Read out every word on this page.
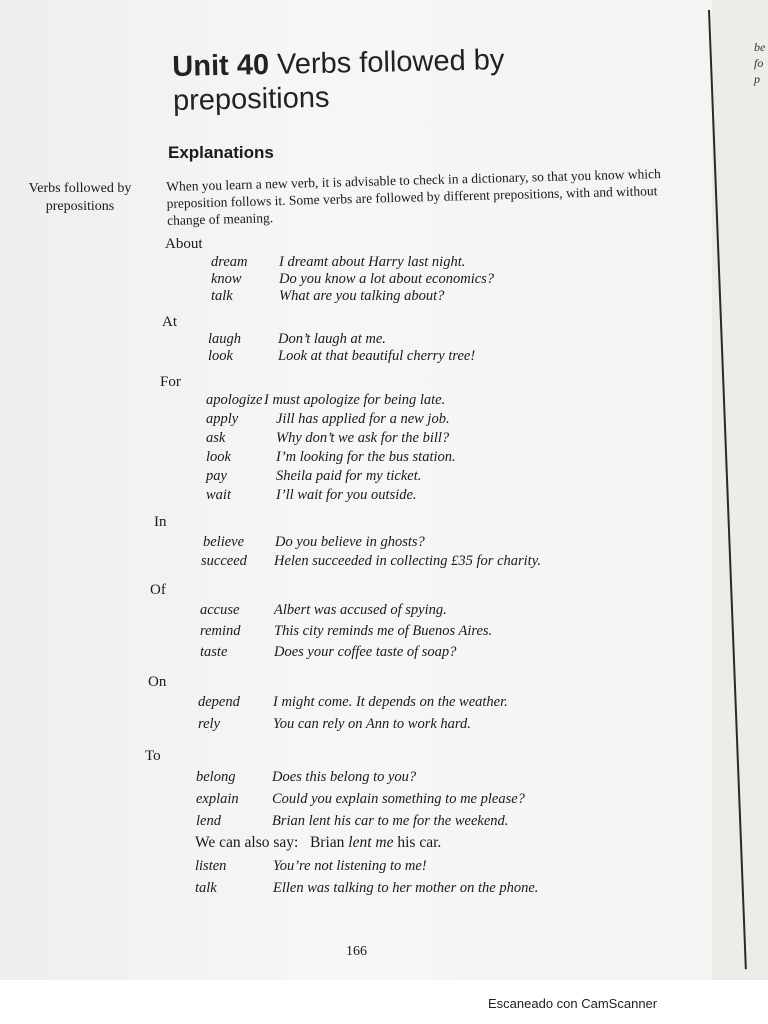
be
fo
p
Unit 40 Verbs followed by prepositions
Explanations
Verbs followed by prepositions
When you learn a new verb, it is advisable to check in a dictionary, so that you know which preposition follows it. Some verbs are followed by different prepositions, with and without change of meaning.
About
dream I dreamt about Harry last night.
know	Do you know a lot about economics?
talk	What are you talking about?
At
laugh	Don’t laugh at me.
look	Look at that beautiful cherry tree!
For
apologize I must apologize for being late.
apply	Jill has applied for a new job.
ask	Why don’t we ask for the bill?
look	I’m looking for the bus station.
pay	Sheila paid for my ticket.
wait	I’ll wait for you outside.
In
believe Do you believe in ghosts?
succeed Helen succeeded in collecting £35 for charity.
Of
accuse Albert was accused of spying.
remind This city reminds me of Buenos Aires.
taste	Does your coffee taste of soap?
On
depend I might come. It depends on the weather.
rely	You can rely on Ann to work hard.
To
belong	Does this belong to you?
explain Could you explain something to me please?
lend	Brian lent his car to me for the weekend.
We can also say: Brian lent me his car.
listen	You’re not listening to me!
talk	Ellen was talking to her mother on the phone.
166
Escaneado con CamScanner
